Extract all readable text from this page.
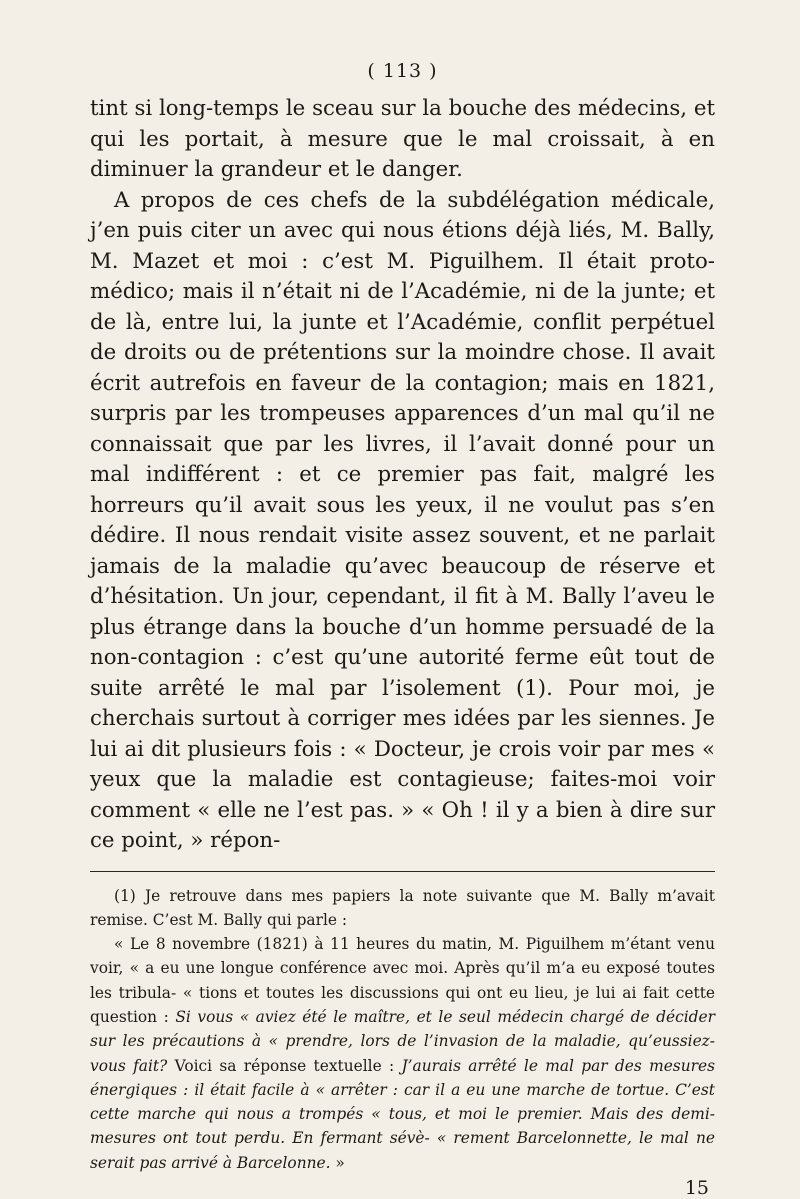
( 113 )

tint si long-temps le sceau sur la bouche des médecins, et qui les portait, à mesure que le mal croissait, à en diminuer la grandeur et le danger.

A propos de ces chefs de la subdélégation médicale, j’en puis citer un avec qui nous étions déjà liés, M. Bally, M. Mazet et moi : c’est M. Piguilhem. Il était proto-médico; mais il n’était ni de l’Académie, ni de la junte; et de là, entre lui, la junte et l’Académie, conflit perpétuel de droits ou de prétentions sur la moindre chose. Il avait écrit autrefois en faveur de la contagion; mais en 1821, surpris par les trompeuses apparences d’un mal qu’il ne connaissait que par les livres, il l’avait donné pour un mal indifférent : et ce premier pas fait, malgré les horreurs qu’il avait sous les yeux, il ne voulut pas s’en dédire. Il nous rendait visite assez souvent, et ne parlait jamais de la maladie qu’avec beaucoup de réserve et d’hésitation. Un jour, cependant, il fit à M. Bally l’aveu le plus étrange dans la bouche d’un homme persuadé de la non-contagion : c’est qu’une autorité ferme eût tout de suite arrêté le mal par l’isolement (1). Pour moi, je cherchais surtout à corriger mes idées par les siennes. Je lui ai dit plusieurs fois : « Docteur, je crois voir par mes « yeux que la maladie est contagieuse; faites-moi voir comment « elle ne l’est pas. » « Oh ! il y a bien à dire sur ce point, » répon-

(1) Je retrouve dans mes papiers la note suivante que M. Bally m’avait remise. C’est M. Bally qui parle :

« Le 8 novembre (1821) à 11 heures du matin, M. Piguilhem m’étant venu voir, « a eu une longue conférence avec moi. Après qu’il m’a eu exposé toutes les tribula- « tions et toutes les discussions qui ont eu lieu, je lui ai fait cette question : Si vous « aviez été le maître, et le seul médecin chargé de décider sur les précautions à « prendre, lors de l’invasion de la maladie, qu’eussiez-vous fait? Voici sa réponse textuelle : J’aurais arrêté le mal par des mesures énergiques : il était facile à « arrêter : car il a eu une marche de tortue. C’est cette marche qui nous a trompés « tous, et moi le premier. Mais des demi-mesures ont tout perdu. En fermant sévè- « rement Barcelonnette, le mal ne serait pas arrivé à Barcelonne. »

15
